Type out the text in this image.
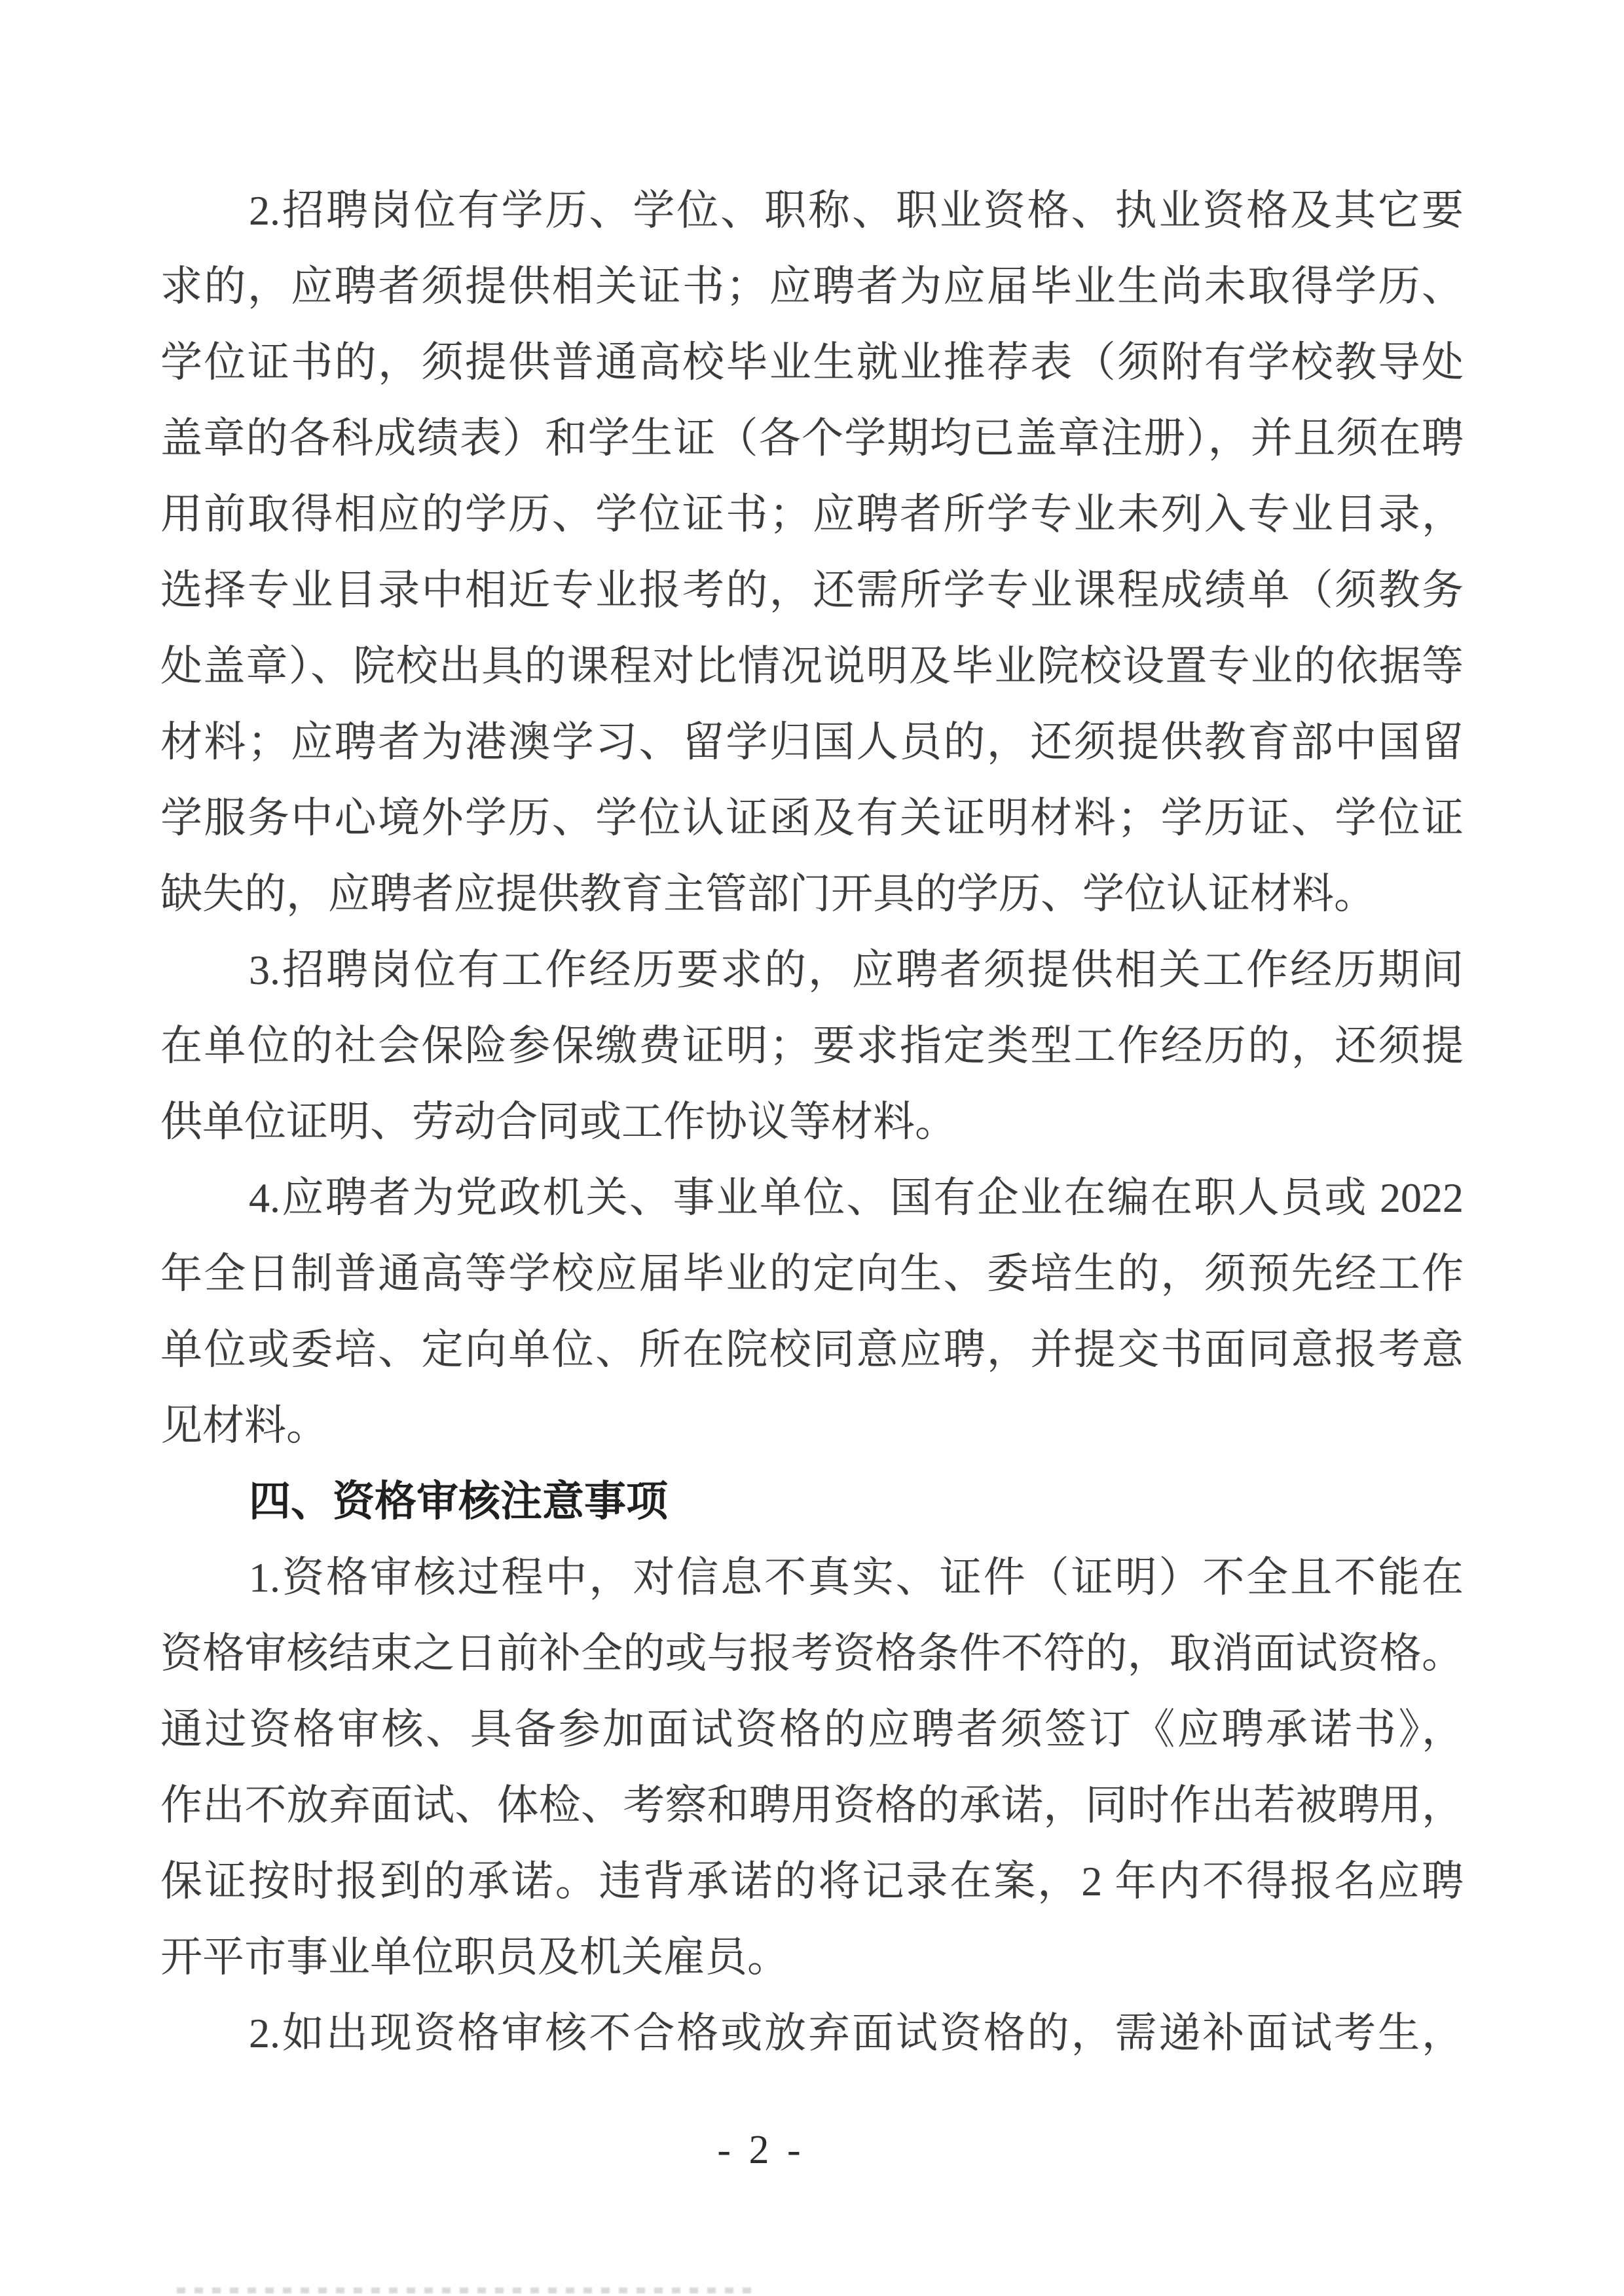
2.招聘岗位有学历、学位、职称、职业资格、执业资格及其它要
求的，应聘者须提供相关证书；应聘者为应届毕业生尚未取得学历、
学位证书的，须提供普通高校毕业生就业推荐表（须附有学校教导处
盖章的各科成绩表）和学生证（各个学期均已盖章注册），并且须在聘
用前取得相应的学历、学位证书；应聘者所学专业未列入专业目录，
选择专业目录中相近专业报考的，还需所学专业课程成绩单（须教务
处盖章）、院校出具的课程对比情况说明及毕业院校设置专业的依据等
材料；应聘者为港澳学习、留学归国人员的，还须提供教育部中国留
学服务中心境外学历、学位认证函及有关证明材料；学历证、学位证
缺失的，应聘者应提供教育主管部门开具的学历、学位认证材料。
3.招聘岗位有工作经历要求的，应聘者须提供相关工作经历期间
在单位的社会保险参保缴费证明；要求指定类型工作经历的，还须提
供单位证明、劳动合同或工作协议等材料。
4.应聘者为党政机关、事业单位、国有企业在编在职人员或 2022
年全日制普通高等学校应届毕业的定向生、委培生的，须预先经工作
单位或委培、定向单位、所在院校同意应聘，并提交书面同意报考意
见材料。
四、资格审核注意事项
1.资格审核过程中，对信息不真实、证件（证明）不全且不能在
资格审核结束之日前补全的或与报考资格条件不符的，取消面试资格。
通过资格审核、具备参加面试资格的应聘者须签订《应聘承诺书》，
作出不放弃面试、体检、考察和聘用资格的承诺，同时作出若被聘用，
保证按时报到的承诺。违背承诺的将记录在案，2 年内不得报名应聘
开平市事业单位职员及机关雇员。
2.如出现资格审核不合格或放弃面试资格的，需递补面试考生，
- 2 -
